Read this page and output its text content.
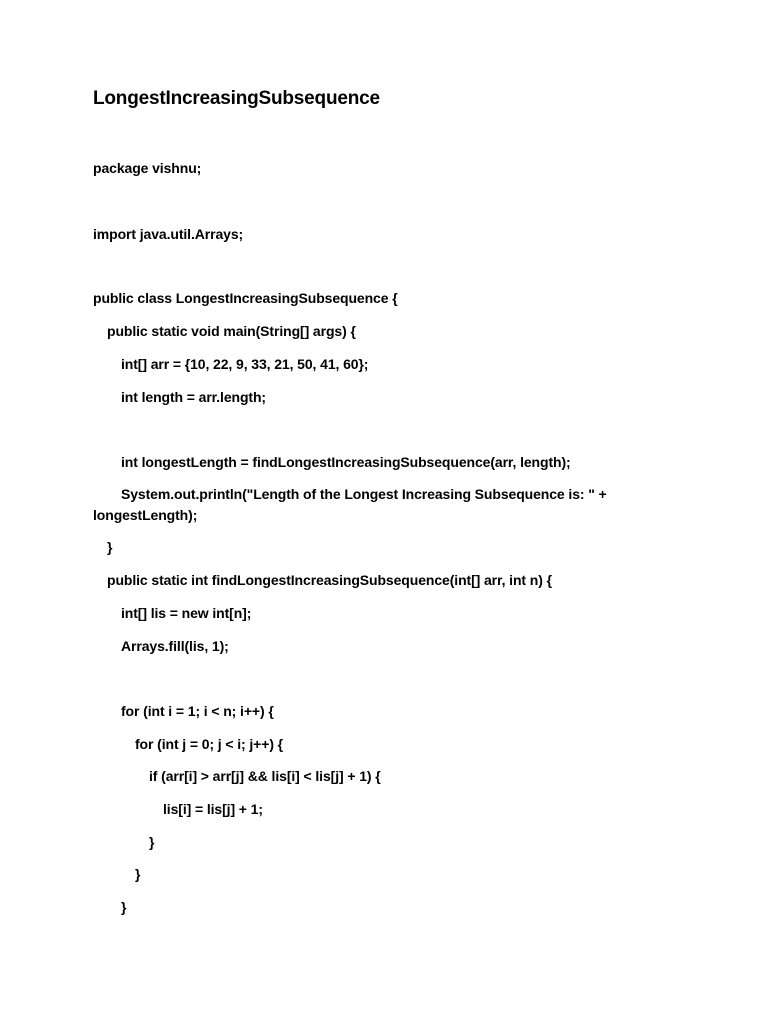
LongestIncreasingSubsequence
package vishnu;
import java.util.Arrays;
public class LongestIncreasingSubsequence {
public static void main(String[] args) {
int[] arr = {10, 22, 9, 33, 21, 50, 41, 60};
int length = arr.length;
int longestLength = findLongestIncreasingSubsequence(arr, length);
System.out.println("Length of the Longest Increasing Subsequence is: " +
longestLength);
}
public static int findLongestIncreasingSubsequence(int[] arr, int n) {
int[] lis = new int[n];
Arrays.fill(lis, 1);
for (int i = 1; i < n; i++) {
for (int j = 0; j < i; j++) {
if (arr[i] > arr[j] && lis[i] < lis[j] + 1) {
lis[i] = lis[j] + 1;
}
}
}
